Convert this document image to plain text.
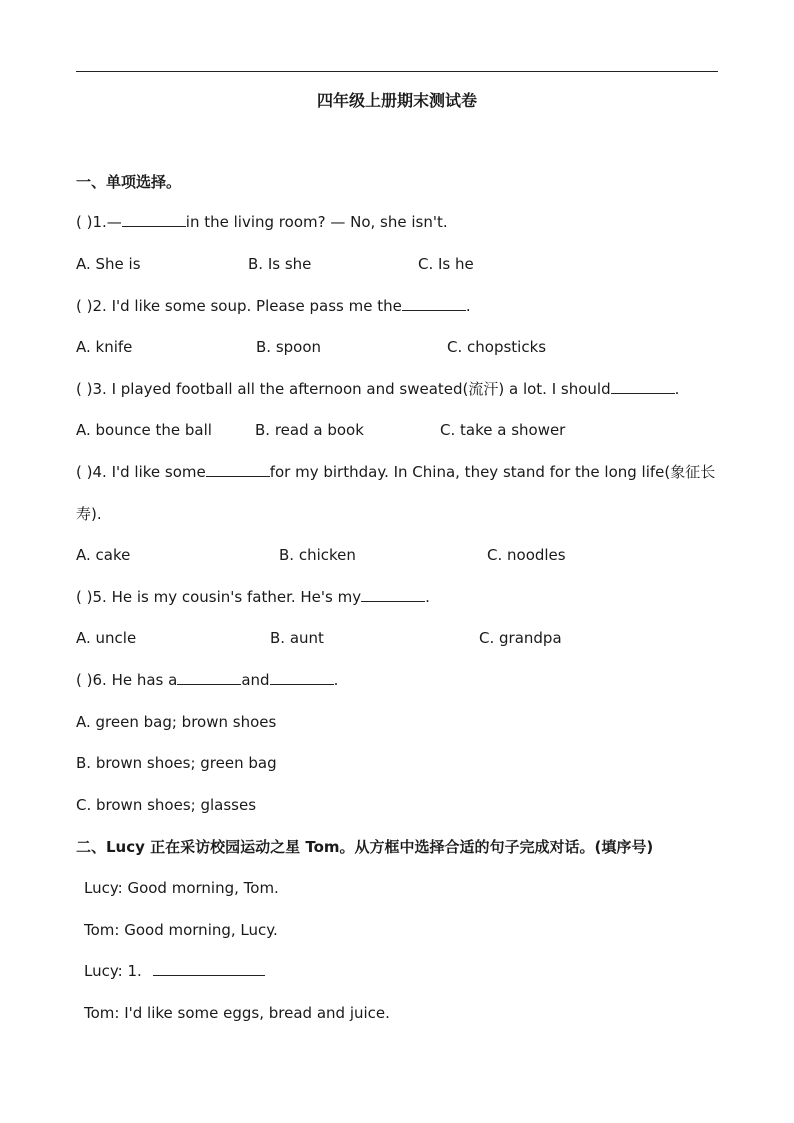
四年级上册期末测试卷
一、单项选择。
( )1.—	in the living room? — No, she isn't.
A. She is	B. Is she	C. Is he
( )2. I'd like some soup. Please pass me the	.
A. knife	B. spoon	C. chopsticks
( )3. I played football all the afternoon and sweated(流汗) a lot. I should	.
A. bounce the ball	B. read a book	C. take a shower
( )4. I'd like some	for my birthday. In China, they stand for the long life(象征长
寿).
A. cake	B. chicken	C. noodles
( )5. He is my cousin's father. He's my	.
A. uncle	B. aunt	C. grandpa
( )6. He has a	and	.
A. green bag; brown shoes
B. brown shoes; green bag
C. brown shoes; glasses
二、Lucy 正在采访校园运动之星 Tom。从方框中选择合适的句子完成对话。(填序号)
Lucy: Good morning, Tom.
Tom: Good morning, Lucy.
Lucy: 1.
Tom: I'd like some eggs, bread and juice.
